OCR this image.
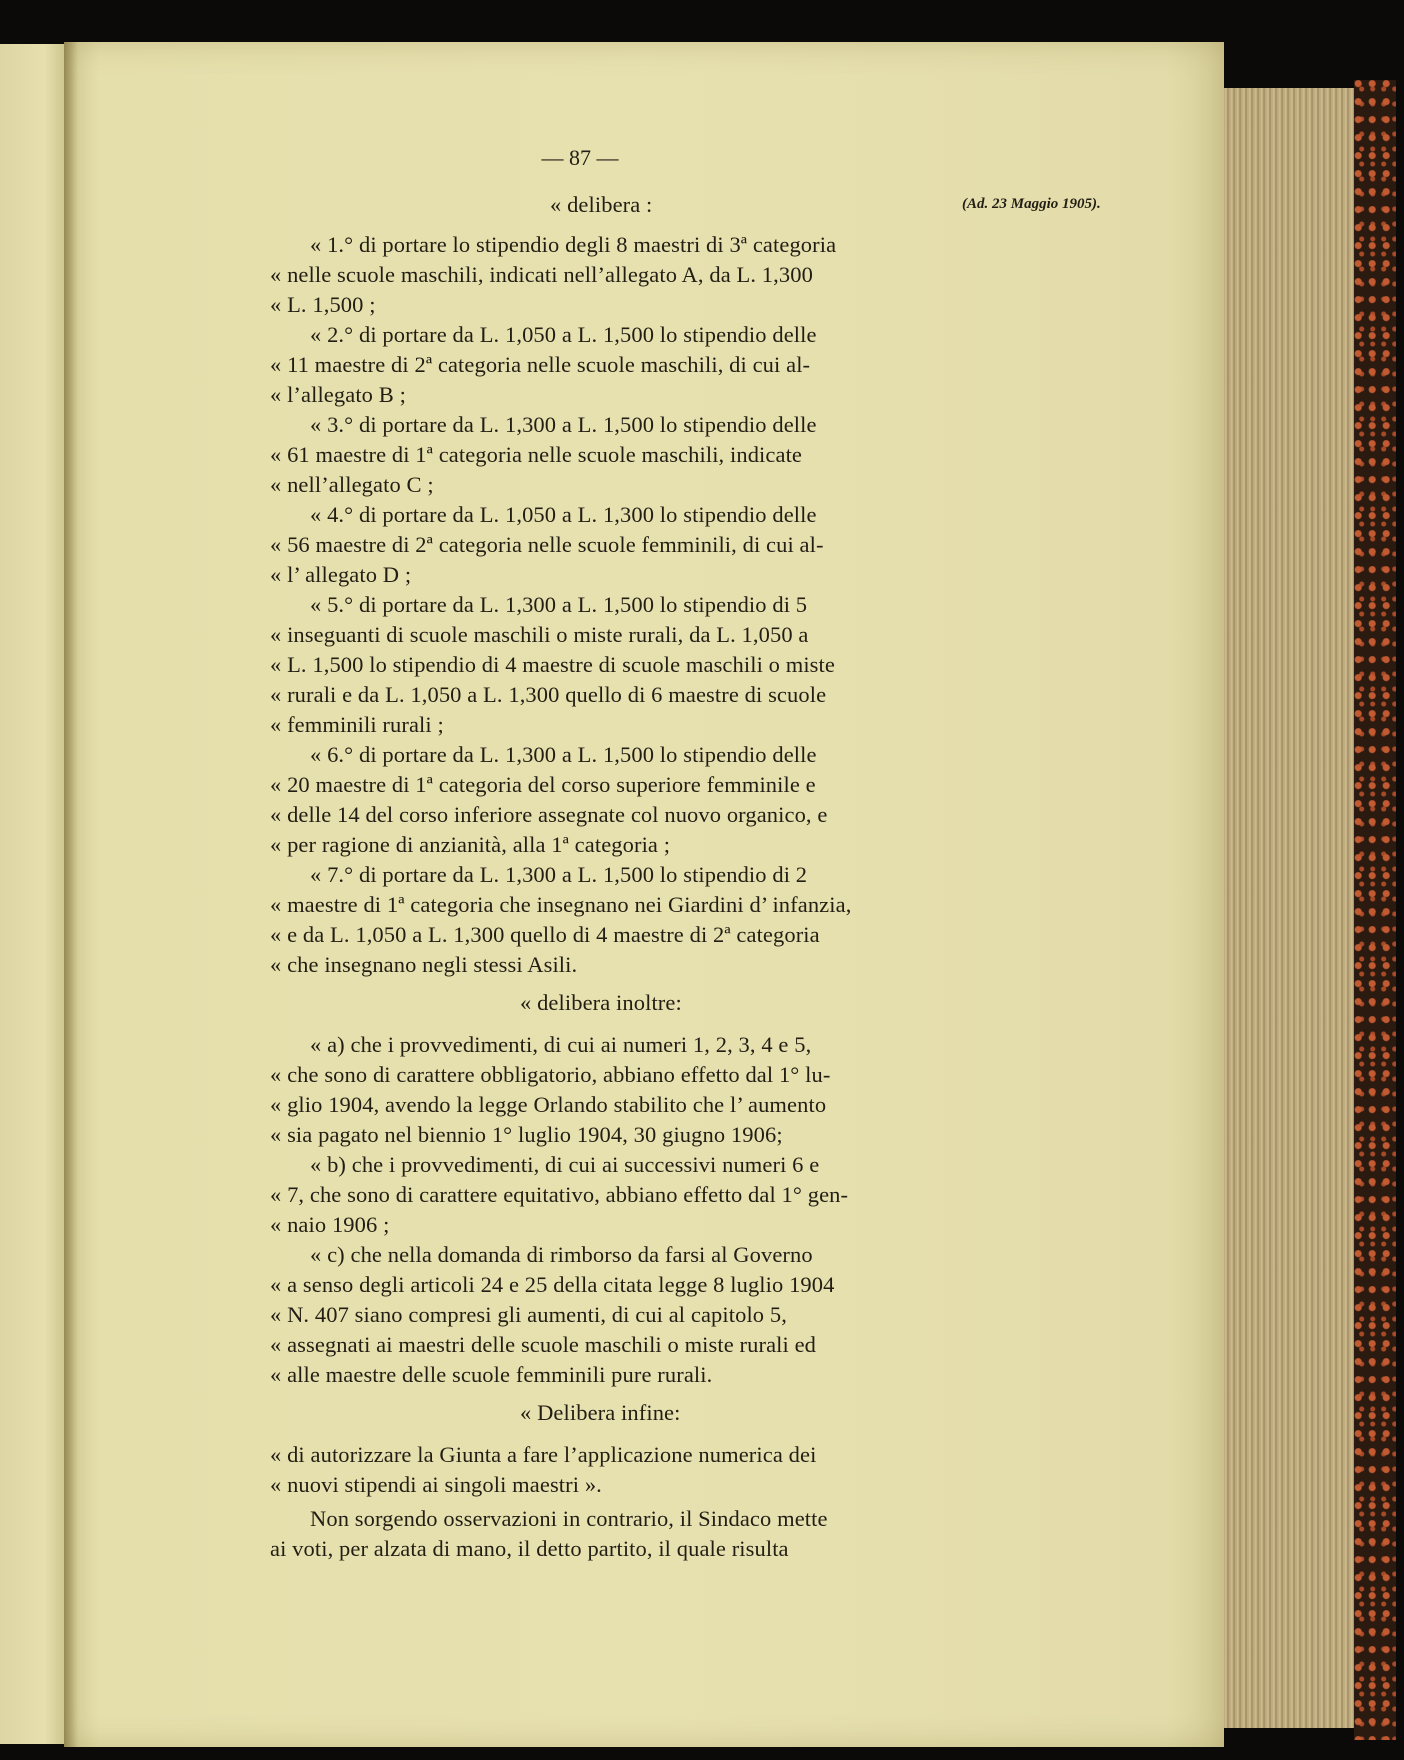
— 87 —
(Ad. 23 Maggio 1905).
« delibera :
« 1.° di portare lo stipendio degli 8 maestri di 3ª categoria
« nelle scuole maschili, indicati nell’allegato A, da L. 1,300
« L. 1,500 ;
« 2.° di portare da L. 1,050 a L. 1,500 lo stipendio delle
« 11 maestre di 2ª categoria nelle scuole maschili, di cui al-
« l’allegato B ;
« 3.° di portare da L. 1,300 a L. 1,500 lo stipendio delle
« 61 maestre di 1ª categoria nelle scuole maschili, indicate
« nell’allegato C ;
« 4.° di portare da L. 1,050 a L. 1,300 lo stipendio delle
« 56 maestre di 2ª categoria nelle scuole femminili, di cui al-
« l’ allegato D ;
« 5.° di portare da L. 1,300 a L. 1,500 lo stipendio di 5
« inseguanti di scuole maschili o miste rurali, da L. 1,050 a
« L. 1,500 lo stipendio di 4 maestre di scuole maschili o miste
« rurali e da L. 1,050 a L. 1,300 quello di 6 maestre di scuole
« femminili rurali ;
« 6.° di portare da L. 1,300 a L. 1,500 lo stipendio delle
« 20 maestre di 1ª categoria del corso superiore femminile e
« delle 14 del corso inferiore assegnate col nuovo organico, e
« per ragione di anzianità, alla 1ª categoria ;
« 7.° di portare da L. 1,300 a L. 1,500 lo stipendio di 2
« maestre di 1ª categoria che insegnano nei Giardini d’ infanzia,
« e da L. 1,050 a L. 1,300 quello di 4 maestre di 2ª categoria
« che insegnano negli stessi Asili.
« delibera inoltre:
« a) che i provvedimenti, di cui ai numeri 1, 2, 3, 4 e 5,
« che sono di carattere obbligatorio, abbiano effetto dal 1° lu-
« glio 1904, avendo la legge Orlando stabilito che l’ aumento
« sia pagato nel biennio 1° luglio 1904, 30 giugno 1906;
« b) che i provvedimenti, di cui ai successivi numeri 6 e
« 7, che sono di carattere equitativo, abbiano effetto dal 1° gen-
« naio 1906 ;
« c) che nella domanda di rimborso da farsi al Governo
« a senso degli articoli 24 e 25 della citata legge 8 luglio 1904
« N. 407 siano compresi gli aumenti, di cui al capitolo 5,
« assegnati ai maestri delle scuole maschili o miste rurali ed
« alle maestre delle scuole femminili pure rurali.
« Delibera infine:
« di autorizzare la Giunta a fare l’applicazione numerica dei
« nuovi stipendi ai singoli maestri ».
Non sorgendo osservazioni in contrario, il Sindaco mette
ai voti, per alzata di mano, il detto partito, il quale risulta
